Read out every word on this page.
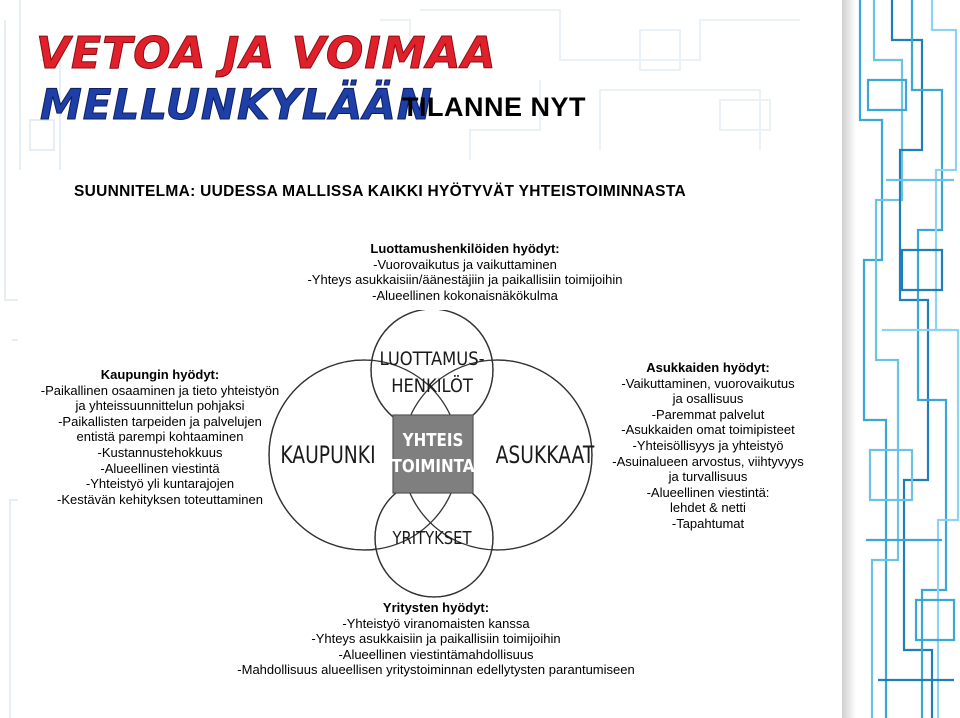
VETOA JA VOIMAA
MELLUNKYLÄÄN
TILANNE NYT
SUUNNITELMA: UUDESSA MALLISSA KAIKKI HYÖTYVÄT YHTEISTOIMINNASTA
Luottamushenkilöiden hyödyt:
-Vuorovaikutus ja vaikuttaminen
-Yhteys asukkaisiin/äänestäjiin ja paikallisiin toimijoihin
-Alueellinen kokonaisnäkökulma
Kaupungin hyödyt:
-Paikallinen osaaminen ja tieto yhteistyön
ja yhteissuunnittelun pohjaksi
-Paikallisten tarpeiden ja palvelujen
entistä parempi kohtaaminen
-Kustannustehokkuus
-Alueellinen viestintä
-Yhteistyö yli kuntarajojen
-Kestävän kehityksen toteuttaminen
Asukkaiden hyödyt:
-Vaikuttaminen, vuorovaikutus
ja osallisuus
-Paremmat palvelut
-Asukkaiden omat toimipisteet
-Yhteisöllisyys ja yhteistyö
-Asuinalueen arvostus, viihtyvyys
ja turvallisuus
-Alueellinen viestintä:
lehdet & netti
-Tapahtumat
Yritysten hyödyt:
-Yhteistyö viranomaisten kanssa
-Yhteys asukkaisiin ja paikallisiin toimijoihin
-Alueellinen viestintämahdollisuus
-Mahdollisuus alueellisen yritystoiminnan edellytysten parantumiseen
LUOTTAMUS-
HENKILÖT
KAUPUNKI	ASUKKAAT
YRITYKSET
YHTEIS
TOIMINTA
